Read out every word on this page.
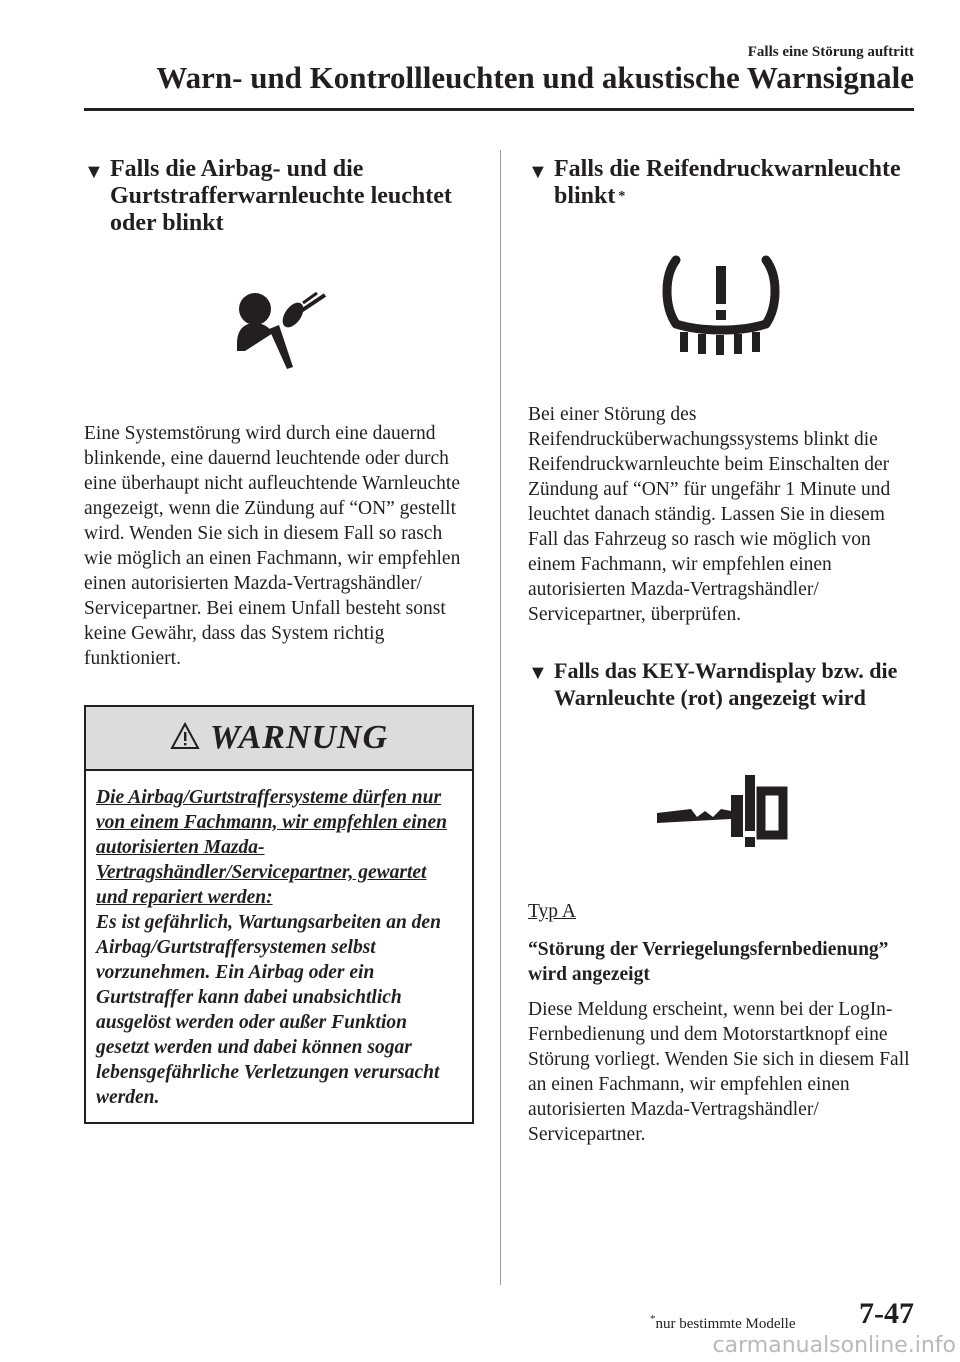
Falls eine Störung auftritt
Warn- und Kontrollleuchten und akustische Warnsignale
▼ Falls die Airbag- und die Gurtstrafferwarnleuchte leuchtet oder blinkt

Eine Systemstörung wird durch eine dauernd blinkende, eine dauernd leuchtende oder durch eine überhaupt nicht aufleuchtende Warnleuchte angezeigt, wenn die Zündung auf “ON” gestellt wird. Wenden Sie sich in diesem Fall so rasch wie möglich an einen Fachmann, wir empfehlen einen autorisierten Mazda-Vertragshändler/ Servicepartner. Bei einem Unfall besteht sonst keine Gewähr, dass das System richtig funktioniert.

WARNUNG
Die Airbag/Gurtstraffersysteme dürfen nur von einem Fachmann, wir empfehlen einen autorisierten Mazda-Vertragshändler/Servicepartner, gewartet und repariert werden:
Es ist gefährlich, Wartungsarbeiten an den Airbag/Gurtstraffersystemen selbst vorzunehmen. Ein Airbag oder ein Gurtstraffer kann dabei unabsichtlich ausgelöst werden oder außer Funktion gesetzt werden und dabei können sogar lebensgefährliche Verletzungen verursacht werden.
▼ Falls die Reifendruckwarnleuchte blinkt *

Bei einer Störung des Reifendrucküberwachungssystems blinkt die Reifendruckwarnleuchte beim Einschalten der Zündung auf “ON” für ungefähr 1 Minute und leuchtet danach ständig. Lassen Sie in diesem Fall das Fahrzeug so rasch wie möglich von einem Fachmann, wir empfehlen einen autorisierten Mazda-Vertragshändler/ Servicepartner, überprüfen.

▼ Falls das KEY-Warndisplay bzw. die Warnleuchte (rot) angezeigt wird

Typ A

“Störung der Verriegelungsfernbedienung” wird angezeigt

Diese Meldung erscheint, wenn bei der LogIn-Fernbedienung und dem Motorstartknopf eine Störung vorliegt. Wenden Sie sich in diesem Fall an einen Fachmann, wir empfehlen einen autorisierten Mazda-Vertragshändler/ Servicepartner.

*nur bestimmte Modelle 7-47
carmanualsonline.info
